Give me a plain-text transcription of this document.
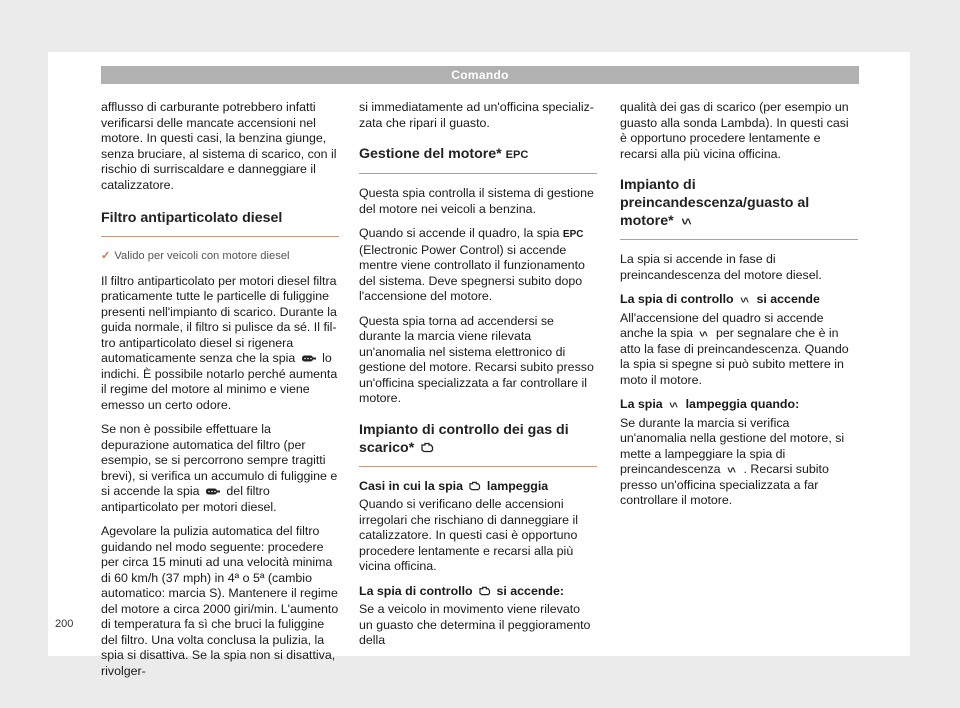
Comando

afflusso di carburante potrebbero infatti verificarsi delle mancate accensioni nel motore. In questi casi, la benzina giunge, senza bruciare, al sistema di scarico, con il rischio di surriscaldare e danneggiare il catalizzatore.

Filtro antiparticolato diesel

✓ Valido per veicoli con motore diesel

Il filtro antiparticolato per motori diesel filtra praticamente tutte le particelle di fuliggine presenti nell'impianto di scarico. Durante la guida normale, il filtro si pulisce da sé. Il filtro antiparticolato diesel si rigenera automaticamente senza che la spia lo indichi. È possibile notarlo perché aumenta il regime del motore al minimo e viene emesso un certo odore.

Se non è possibile effettuare la depurazione automatica del filtro (per esempio, se si percorrono sempre tragitti brevi), si verifica un accumulo di fuliggine e si accende la spia del filtro antiparticolato per motori diesel.

Agevolare la pulizia automatica del filtro guidando nel modo seguente: procedere per circa 15 minuti ad una velocità minima di 60 km/h (37 mph) in 4ª o 5ª (cambio automatico: marcia S). Mantenere il regime del motore a circa 2000 giri/min. L'aumento di temperatura fa sì che bruci la fuliggine del filtro. Una volta conclusa la pulizia, la spia si disattiva. Se la spia non si disattiva, rivolger-

si immediatamente ad un'officina specializzata che ripari il guasto.

Gestione del motore* EPC

Questa spia controlla il sistema di gestione del motore nei veicoli a benzina.

Quando si accende il quadro, la spia EPC (Electronic Power Control) si accende mentre viene controllato il funzionamento del sistema. Deve spegnersi subito dopo l'accensione del motore.

Questa spia torna ad accendersi se durante la marcia viene rilevata un'anomalia nel sistema elettronico di gestione del motore. Recarsi subito presso un'officina specializzata a far controllare il motore.

Impianto di controllo dei gas di scarico*

Casi in cui la spia lampeggia

Quando si verificano delle accensioni irregolari che rischiano di danneggiare il catalizzatore. In questi casi è opportuno procedere lentamente e recarsi alla più vicina officina.

La spia di controllo si accende:

Se a veicolo in movimento viene rilevato un guasto che determina il peggioramento della

qualità dei gas di scarico (per esempio un guasto alla sonda Lambda). In questi casi è opportuno procedere lentamente e recarsi alla più vicina officina.

Impianto di preincandescenza/guasto al motore*

La spia si accende in fase di preincandescenza del motore diesel.

La spia di controllo si accende

All'accensione del quadro si accende anche la spia per segnalare che è in atto la fase di preincandescenza. Quando la spia si spegne si può subito mettere in moto il motore.

La spia lampeggia quando:

Se durante la marcia si verifica un'anomalia nella gestione del motore, si mette a lampeggiare la spia di preincandescenza . Recarsi subito presso un'officina specializzata a far controllare il motore.

200
